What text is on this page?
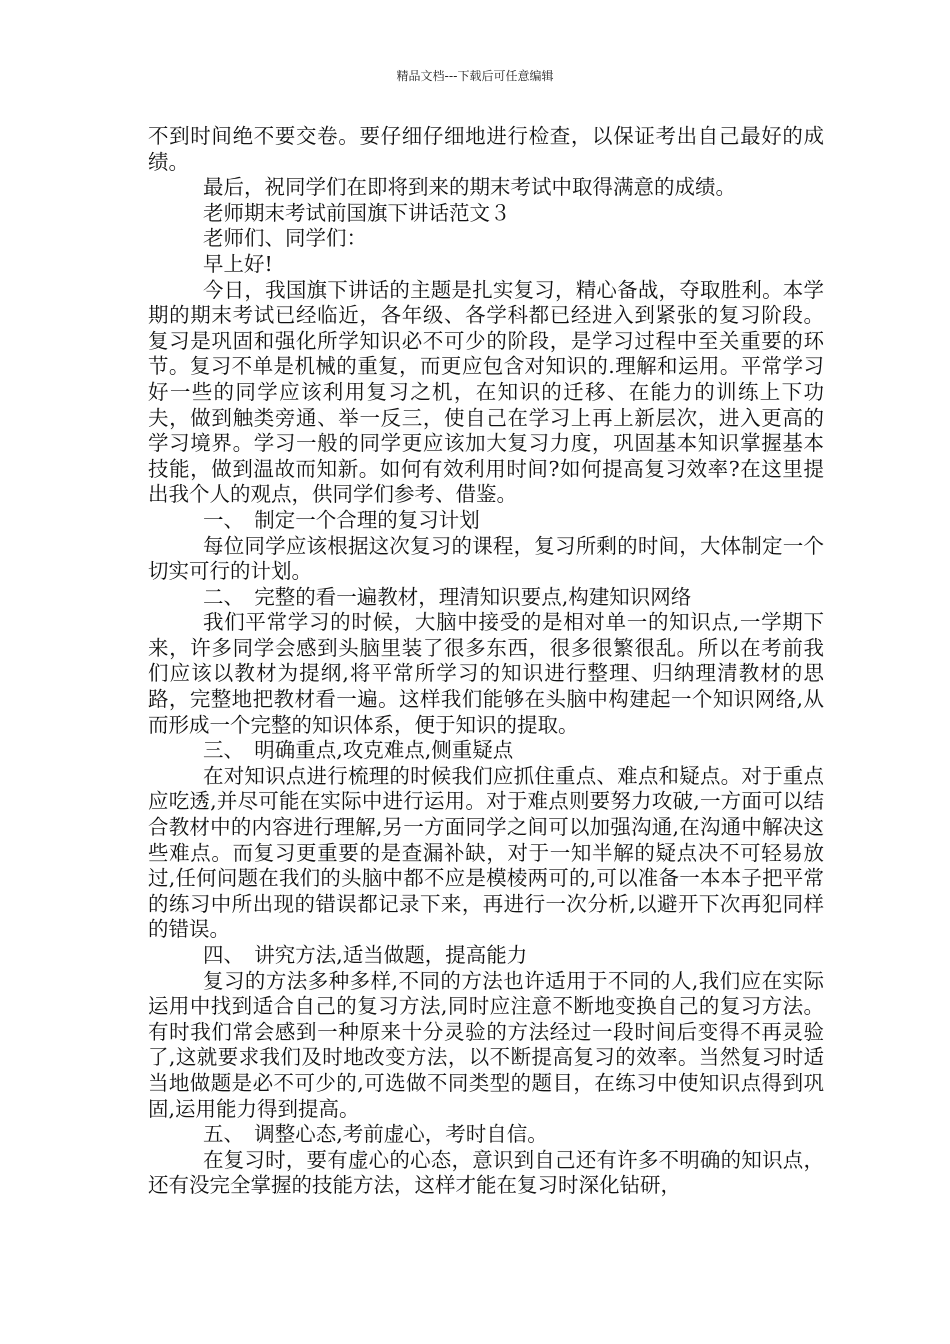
精品文档---下载后可任意编辑

不到时间绝不要交卷。要仔细仔细地进行检查，以保证考出自己最好的成绩。

最后，祝同学们在即将到来的期末考试中取得满意的成绩。

老师期末考试前国旗下讲话范文３

老师们、同学们：

早上好!

今日，我国旗下讲话的主题是扎实复习，精心备战，夺取胜利。本学期的期末考试已经临近，各年级、各学科都已经进入到紧张的复习阶段。复习是巩固和强化所学知识必不可少的阶段，是学习过程中至关重要的环节。复习不单是机械的重复，而更应包含对知识的.理解和运用。平常学习好一些的同学应该利用复习之机，在知识的迁移、在能力的训练上下功夫，做到触类旁通、举一反三，使自己在学习上再上新层次，进入更高的学习境界。学习一般的同学更应该加大复习力度，巩固基本知识掌握基本技能，做到温故而知新。如何有效利用时间?如何提高复习效率?在这里提出我个人的观点，供同学们参考、借鉴。

一、　制定一个合理的复习计划

每位同学应该根据这次复习的课程，复习所剩的时间，大体制定一个切实可行的计划。

二、　完整的看一遍教材，理清知识要点,构建知识网络

我们平常学习的时候，大脑中接受的是相对单一的知识点,一学期下来，许多同学会感到头脑里装了很多东西，很多很繁很乱。所以在考前我们应该以教材为提纲,将平常所学习的知识进行整理、归纳理清教材的思路，完整地把教材看一遍。这样我们能够在头脑中构建起一个知识网络,从而形成一个完整的知识体系，便于知识的提取。

三、　明确重点,攻克难点,侧重疑点

在对知识点进行梳理的时候我们应抓住重点、难点和疑点。对于重点应吃透,并尽可能在实际中进行运用。对于难点则要努力攻破,一方面可以结合教材中的内容进行理解,另一方面同学之间可以加强沟通,在沟通中解决这些难点。而复习更重要的是查漏补缺，对于一知半解的疑点决不可轻易放过,任何问题在我们的头脑中都不应是模棱两可的,可以准备一本本子把平常的练习中所出现的错误都记录下来，再进行一次分析,以避开下次再犯同样的错误。

四、　讲究方法,适当做题，提高能力

复习的方法多种多样,不同的方法也许适用于不同的人,我们应在实际运用中找到适合自己的复习方法,同时应注意不断地变换自己的复习方法。有时我们常会感到一种原来十分灵验的方法经过一段时间后变得不再灵验了,这就要求我们及时地改变方法，以不断提高复习的效率。当然复习时适当地做题是必不可少的,可选做不同类型的题目，在练习中使知识点得到巩固,运用能力得到提高。

五、　调整心态,考前虚心，考时自信。

在复习时，要有虚心的心态，意识到自己还有许多不明确的知识点，还有没完全掌握的技能方法，这样才能在复习时深化钻研，
